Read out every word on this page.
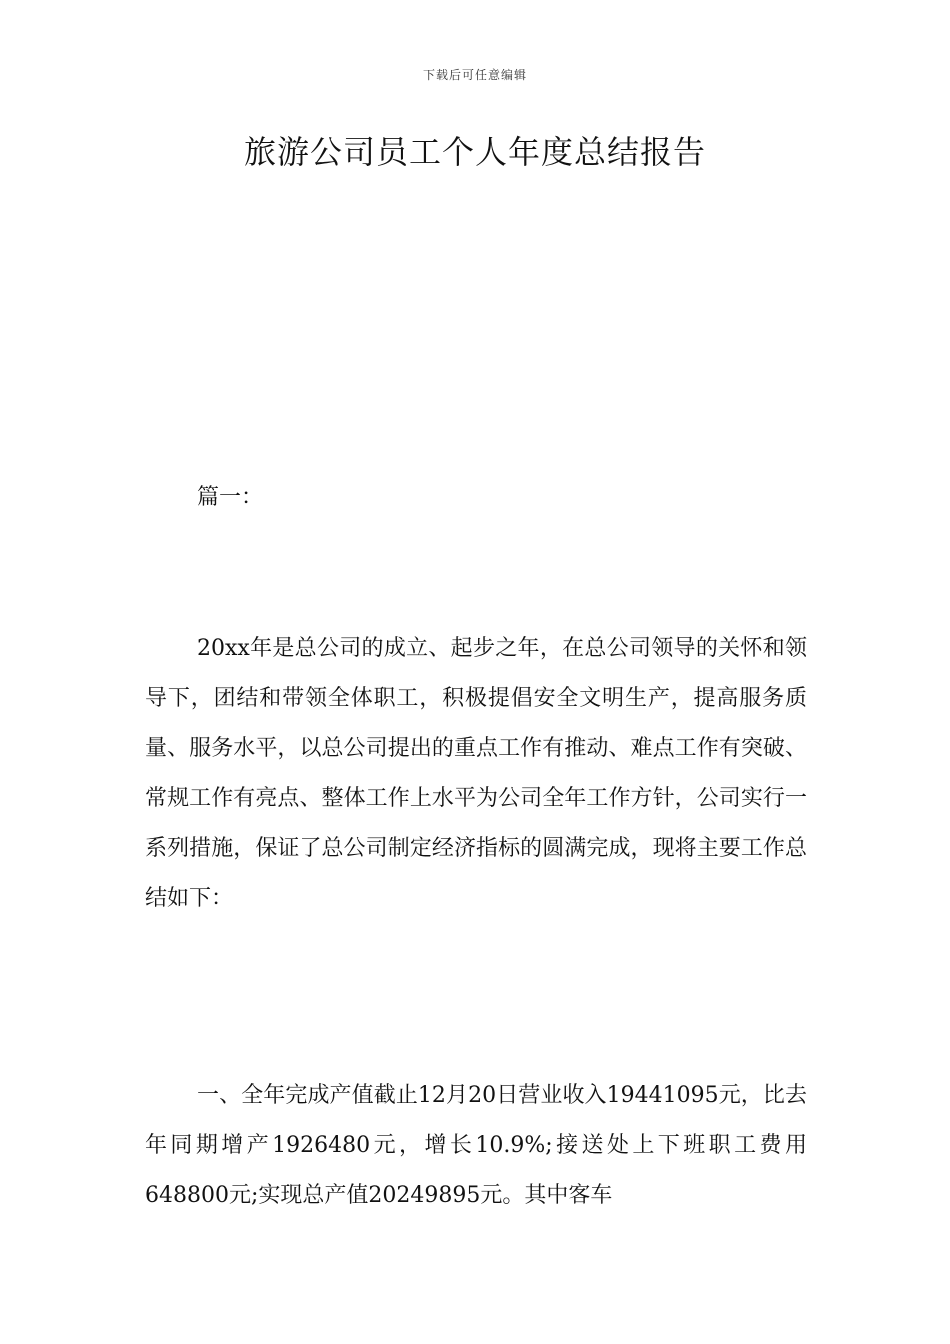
下载后可任意编辑
旅游公司员工个人年度总结报告
篇一：

20xx年是总公司的成立、起步之年，在总公司领导的关怀和领导下，团结和带领全体职工，积极提倡安全文明生产，提高服务质量、服务水平，以总公司提出的重点工作有推动、难点工作有突破、常规工作有亮点、整体工作上水平为公司全年工作方针，公司实行一系列措施，保证了总公司制定经济指标的圆满完成，现将主要工作总结如下：

一、全年完成产值截止12月20日营业收入19441095元，比去年同期增产1926480元，增长10.9%;接送处上下班职工费用648800元;实现总产值20249895元。其中客车
